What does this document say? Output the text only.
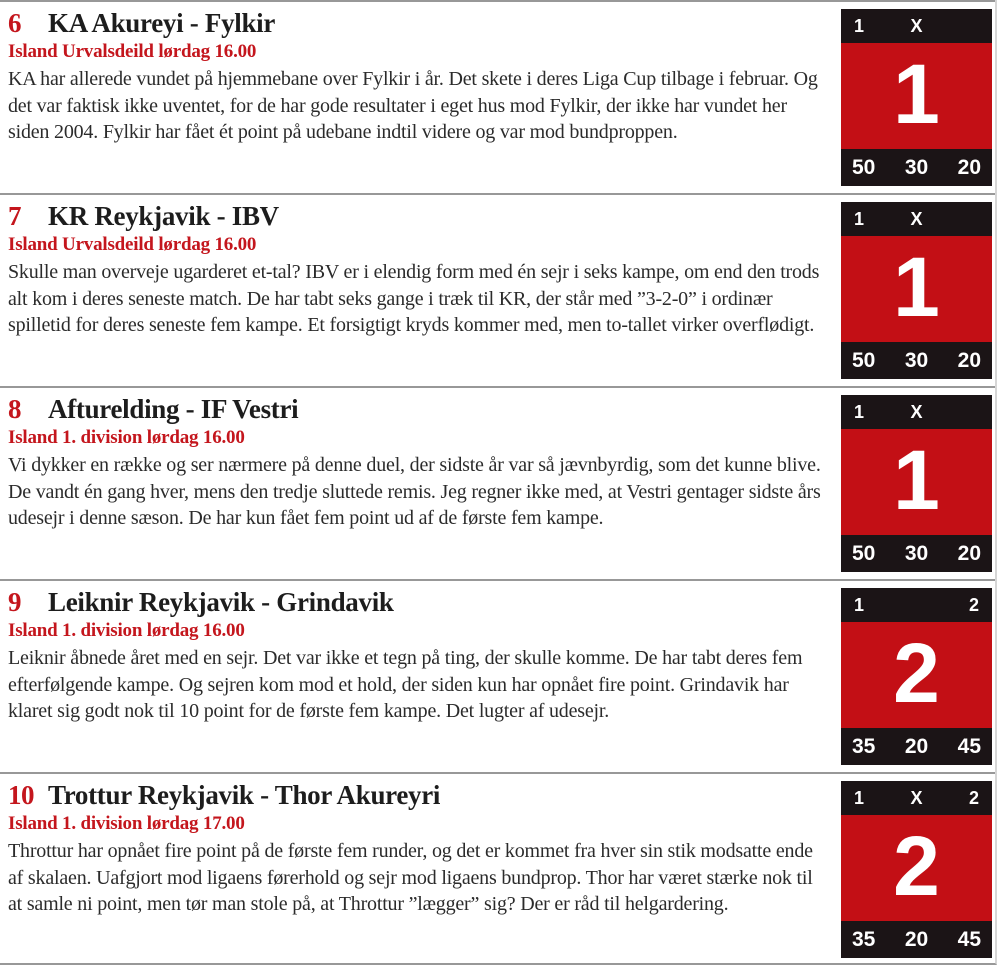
6	KA Akureyi - Fylkir
Island Urvalsdeild lørdag 16.00

KA har allerede vundet på hjemmebane over Fylkir i år. Det skete i deres Liga Cup tilbage i februar. Og det var faktisk ikke uventet, for de har gode resultater i eget hus mod Fylkir, der ikke har vundet her siden 2004. Fylkir har fået ét point på udebane indtil videre og var mod bundproppen.

1	X
1
50	30	20
7	KR Reykjavik - IBV
Island Urvalsdeild lørdag 16.00

Skulle man overveje ugarderet et-tal? IBV er i elendig form med én sejr i seks kampe, om end den trods alt kom i deres seneste match. De har tabt seks gange i træk til KR, der står med ”3-2-0” i ordinær spilletid for deres seneste fem kampe. Et forsigtigt kryds kommer med, men to-tallet virker overflødigt.

1	X
1
50	30	20
8	Afturelding - IF Vestri
Island 1. division lørdag 16.00

Vi dykker en række og ser nærmere på denne duel, der sidste år var så jævnbyrdig, som det kunne blive. De vandt én gang hver, mens den tredje sluttede remis. Jeg regner ikke med, at Vestri gentager sidste års udesejr i denne sæson. De har kun fået fem point ud af de første fem kampe.

1	X
1
50	30	20
9	Leiknir Reykjavik - Grindavik
Island 1. division lørdag 16.00

Leiknir åbnede året med en sejr. Det var ikke et tegn på ting, der skulle komme. De har tabt deres fem efterfølgende kampe. Og sejren kom mod et hold, der siden kun har opnået fire point. Grindavik har klaret sig godt nok til 10 point for de første fem kampe. Det lugter af udesejr.

1	2
2
35	20	45
10 Trottur Reykjavik - Thor Akureyri
Island 1. division lørdag 17.00

Throttur har opnået fire point på de første fem runder, og det er kommet fra hver sin stik modsatte ende af skalaen. Uafgjort mod ligaens førerhold og sejr mod ligaens bundprop. Thor har været stærke nok til at samle ni point, men tør man stole på, at Throttur ”lægger” sig? Der er råd til helgardering.

1	X	2
2
35	20	45
